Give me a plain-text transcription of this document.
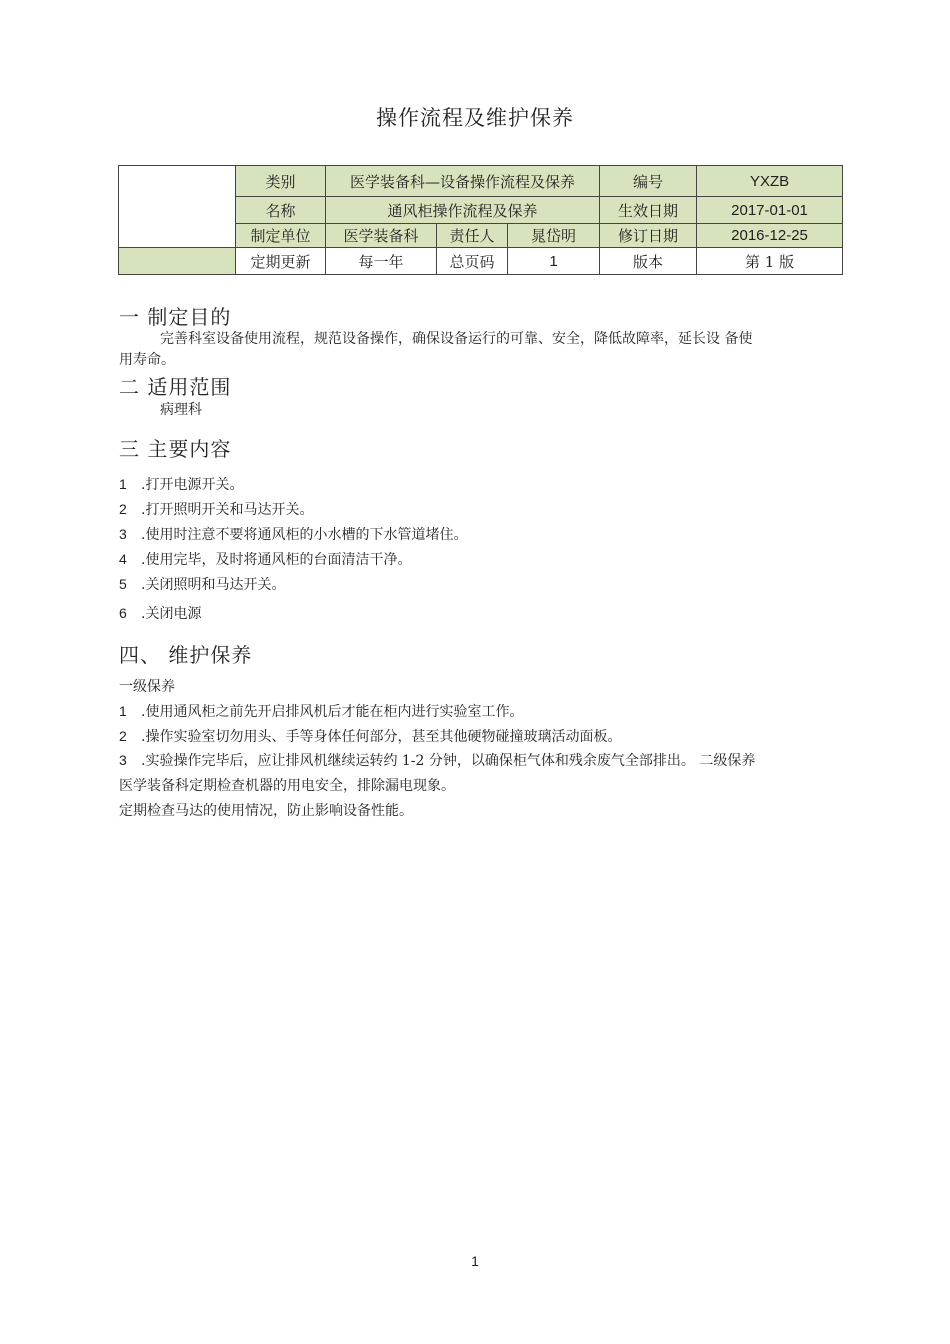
操作流程及维护保养
	类别	医学装备科—设备操作流程及保养			编号	YXZB
	名称	通风柜操作流程及保养			生效日期	2017-01-01
	制定单位	医学装备科	责任人	晁岱明	修订日期	2016-12-25
	定期更新	每一年	总页码	1	版本	第 1 版
一 制定目的
完善科室设备使用流程，规范设备操作，确保设备运行的可靠、安全，降低故障率，延长设 备使
用寿命。
二 适用范围
病理科
三 主要内容
1 .打开电源开关。
2 .打开照明开关和马达开关。
3 .使用时注意不要将通风柜的小水槽的下水管道堵住。
4 .使用完毕，及时将通风柜的台面清洁干净。
5 .关闭照明和马达开关。
6 .关闭电源
四、 维护保养
一级保养
1 .使用通风柜之前先开启排风机后才能在柜内进行实验室工作。
2 .操作实验室切勿用头、手等身体任何部分，甚至其他硬物碰撞玻璃活动面板。
3 .实验操作完毕后，应让排风机继续运转约 1-2 分钟，以确保柜气体和残余废气全部排出。 二级保养
医学装备科定期检查机器的用电安全，排除漏电现象。
定期检查马达的使用情况，防止影响设备性能。
1
